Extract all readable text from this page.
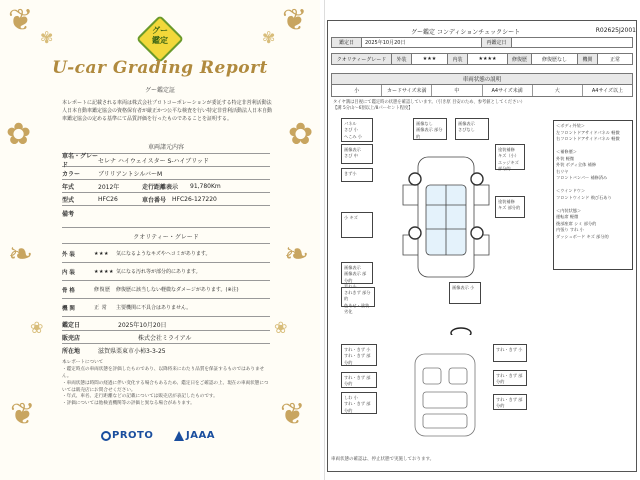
❦	❦
✿	✿
❧	❧
❦	❦
✾	✾
❀	❀
グー
鑑定
U-car Grading Report
グー鑑定証
本レポートに記載される車両は株式会社プロトコーポレーションが委託する特定非営利活動法人日本自動車鑑定協会の資格保有者が厳正かつ公平な検査を行い特定非営利活動法人日本自動車鑑定協会の定める基準にて品質評価を行ったものであることを証明する。
車両諸元内容
車名・グレード
セレナ ハイウェイスター S-ハイブリッド
カラー	ブリリアントシルバーM
年式	2012年	走行距離表示	91,780Km
型式	HFC26	車台番号 HFC26-127220
備考
クオリティー・グレード
外 装	★★★	気になるようなキズやヘコミがあります。
内 装	★★★★ 気になる汚れ等が部分的にあります。
骨 格	修復歴	修復歴に該当しない軽微なダメージがあります。(※注)
機 関	正 常	主要機関に不具合はありません。
鑑定日	2025年10月20日
販売店	株式会社ミライアル
所在地	滋賀県栗東市小柿3-3-25
本レポートについて
・鑑定時点の車両状態を評価したものであり、以降将来にわたり品質を保証するものではありません。
・車両状態は時間の経過に伴い変化する場合もあるため、鑑定日をご確認の上、現在の車両状態については販売店にお問合せください。
・年式、車名、走行距離などの記載については販売店が表記したものです。
・評価については他検査機関等の評価と異なる場合があります。
PROTO	JAAA
グー鑑定 コンディションチェックシート	R02625J2001
鑑定日	2025年10月20日	再鑑定日
クオリティーグレード	外装	★★★	内装	★★★★	修復歴	修復歴なし	機関	正常
車両状態の説明
小	カードサイズ未満	中	A4サイズ未満	大	A4サイズ以上
タイヤ溝は目視にて鑑定時の状態を確認しています。（引き原 目安のため、参考値としてください）
【溝 5分山～6割以上/8パーセント程度】
パネル
さび 小
へこみ 小
画像なし
画像表示 部分的
画像表示
さびなし
画像表示
さび 中
塗装補修
キズ（小）
エッジキズ 部分的
きず小
塗装補修
キズ 部分的
小 キズ
画像表示
画像表示 部分的

画像表示 小
されきず 部分的
色あせ・塗装劣化
すれ・きず 小
すれ・きず 部分的
すれ・きず 小
すれ・きず 部分的
すれ・きず 部分的
しわ 小
すれ・きず 部分的
すれ・きず 部分的
＜ボディ外装＞
左フロントドアサイドパネル 軽微
右フロントドアサイドパネル 軽微

＜補修歴＞
外装 軽微
外装 ボディ全体 補修
右リヤ
フロントバンパー 補修済み

＜ウインドウ＞
フロントウインド 飛び石あり

＜内装状態＞
運転席 軽微
後部座席 シミ 部分的
内張り すれ 小
ダッシュボード キズ 部分的
車両状態の確認は、停止状態で実施しております。
